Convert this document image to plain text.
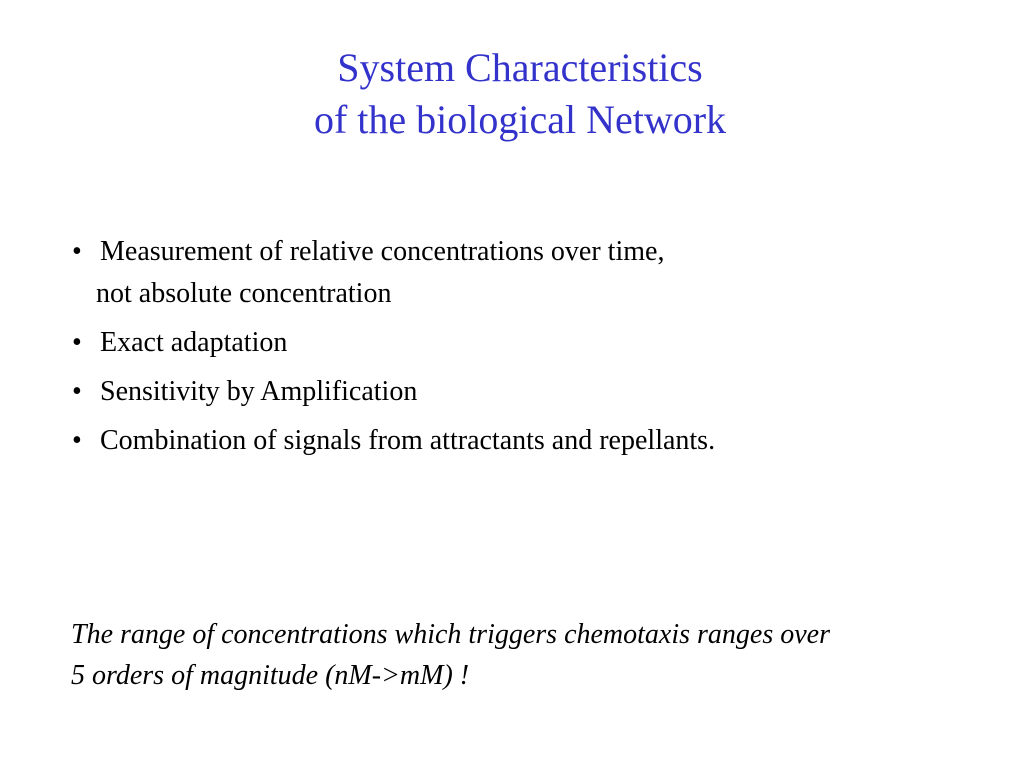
System Characteristics
of the biological Network
• Measurement of relative concentrations over time,
not absolute concentration
• Exact adaptation
• Sensitivity by Amplification
• Combination of signals from attractants and repellants.
The range of concentrations which triggers chemotaxis ranges over
5 orders of magnitude (nM->mM) !
